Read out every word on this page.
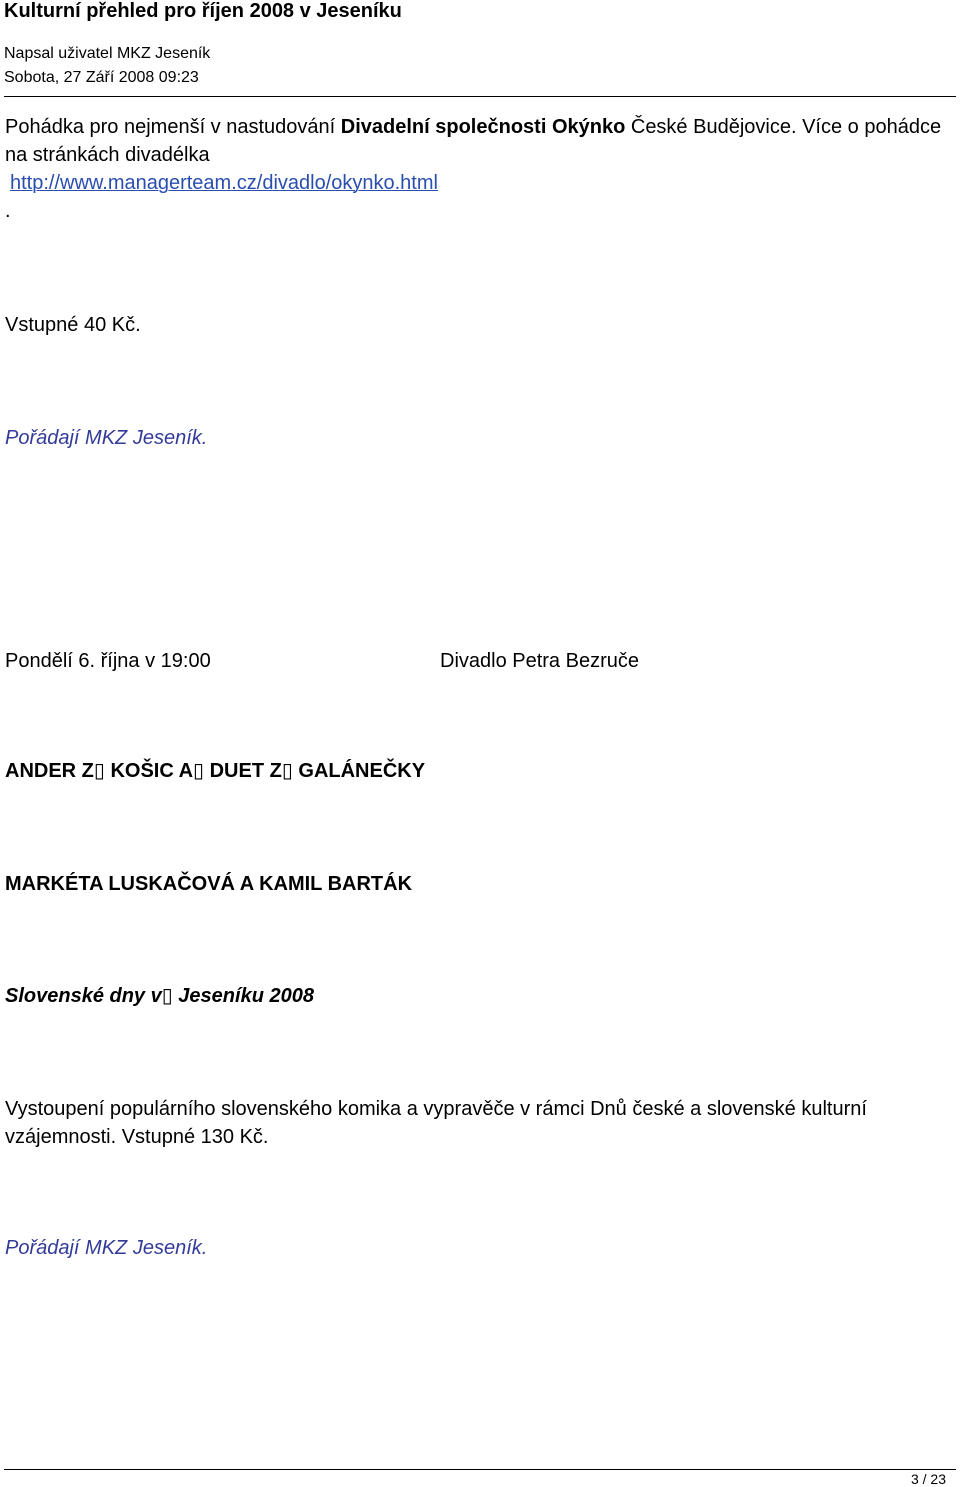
Kulturní přehled pro říjen 2008 v Jeseníku
Napsal uživatel MKZ Jeseník
Sobota, 27 Září 2008 09:23
Pohádka pro nejmenší v nastudování Divadelní společnosti Okýnko České Budějovice. Více o pohádce na stránkách divadélka
http://www.managerteam.cz/divadlo/okynko.html
.
Vstupné 40 Kč.
Pořádají MKZ Jeseník.
Pondělí 6. října v 19:00	Divadlo Petra Bezruče
ANDER Z▯ KOŠIC A▯ DUET Z▯ GALÁNEČKY
MARKÉTA LUSKAČOVÁ A KAMIL BARTÁK
Slovenské dny v▯ Jeseníku 2008
Vystoupení populárního slovenského komika a vypravěče v rámci Dnů české a slovenské kulturní vzájemnosti. Vstupné 130 Kč.
Pořádají MKZ Jeseník.
3 / 23
